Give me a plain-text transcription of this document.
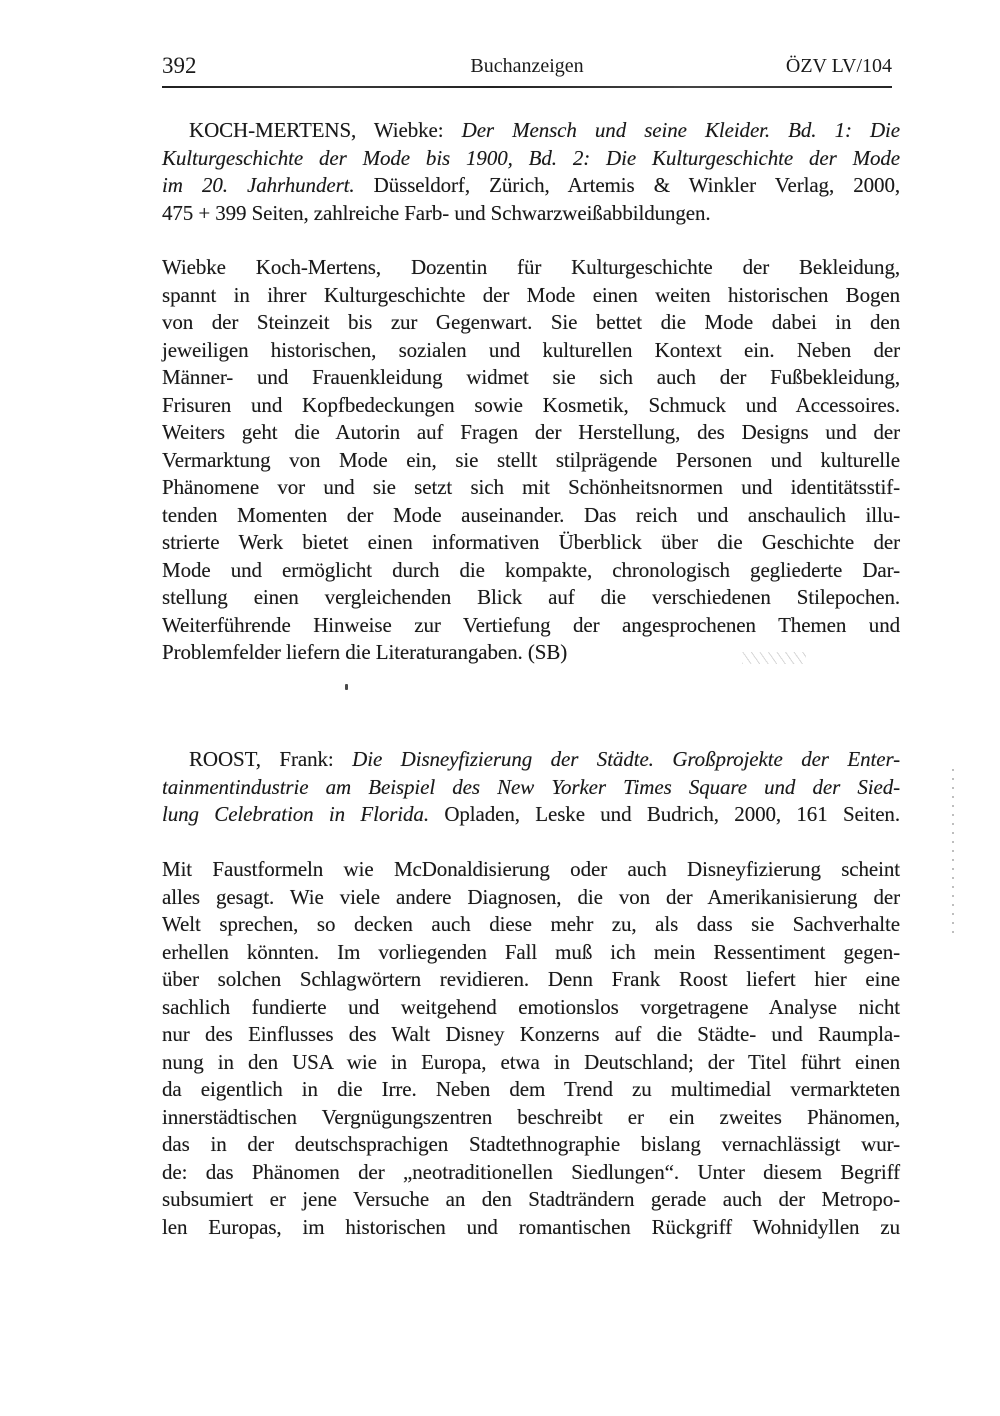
392	Buchanzeigen	ÖZV LV/104
KOCH-MERTENS, Wiebke: Der Mensch und seine Kleider. Bd. 1: Die
Kulturgeschichte der Mode bis 1900, Bd. 2: Die Kulturgeschichte der Mode
im 20. Jahrhundert. Düsseldorf, Zürich, Artemis & Winkler Verlag, 2000,
475 + 399 Seiten, zahlreiche Farb- und Schwarzweißabbildungen.
Wiebke Koch-Mertens, Dozentin für Kulturgeschichte der Bekleidung,
spannt in ihrer Kulturgeschichte der Mode einen weiten historischen Bogen
von der Steinzeit bis zur Gegenwart. Sie bettet die Mode dabei in den
jeweiligen historischen, sozialen und kulturellen Kontext ein. Neben der
Männer- und Frauenkleidung widmet sie sich auch der Fußbekleidung,
Frisuren und Kopfbedeckungen sowie Kosmetik, Schmuck und Accessoires.
Weiters geht die Autorin auf Fragen der Herstellung, des Designs und der
Vermarktung von Mode ein, sie stellt stilprägende Personen und kulturelle
Phänomene vor und sie setzt sich mit Schönheitsnormen und identitätsstif-
tenden Momenten der Mode auseinander. Das reich und anschaulich illu-
strierte Werk bietet einen informativen Überblick über die Geschichte der
Mode und ermöglicht durch die kompakte, chronologisch gegliederte Dar-
stellung einen vergleichenden Blick auf die verschiedenen Stilepochen.
Weiterführende Hinweise zur Vertiefung der angesprochenen Themen und
Problemfelder liefern die Literaturangaben. (SB)
ROOST, Frank: Die Disneyfizierung der Städte. Großprojekte der Enter-
tainmentindustrie am Beispiel des New Yorker Times Square und der Sied-
lung Celebration in Florida. Opladen, Leske und Budrich, 2000, 161 Seiten.
Mit Faustformeln wie McDonaldisierung oder auch Disneyfizierung scheint
alles gesagt. Wie viele andere Diagnosen, die von der Amerikanisierung der
Welt sprechen, so decken auch diese mehr zu, als dass sie Sachverhalte
erhellen könnten. Im vorliegenden Fall muß ich mein Ressentiment gegen-
über solchen Schlagwörtern revidieren. Denn Frank Roost liefert hier eine
sachlich fundierte und weitgehend emotionslos vorgetragene Analyse nicht
nur des Einflusses des Walt Disney Konzerns auf die Städte- und Raumpla-
nung in den USA wie in Europa, etwa in Deutschland; der Titel führt einen
da eigentlich in die Irre. Neben dem Trend zu multimedial vermarkteten
innerstädtischen Vergnügungszentren beschreibt er ein zweites Phänomen,
das in der deutschsprachigen Stadtethnographie bislang vernachlässigt wur-
de: das Phänomen der „neotraditionellen Siedlungen“. Unter diesem Begriff
subsumiert er jene Versuche an den Stadträndern gerade auch der Metropo-
len Europas, im historischen und romantischen Rückgriff Wohnidyllen zu
